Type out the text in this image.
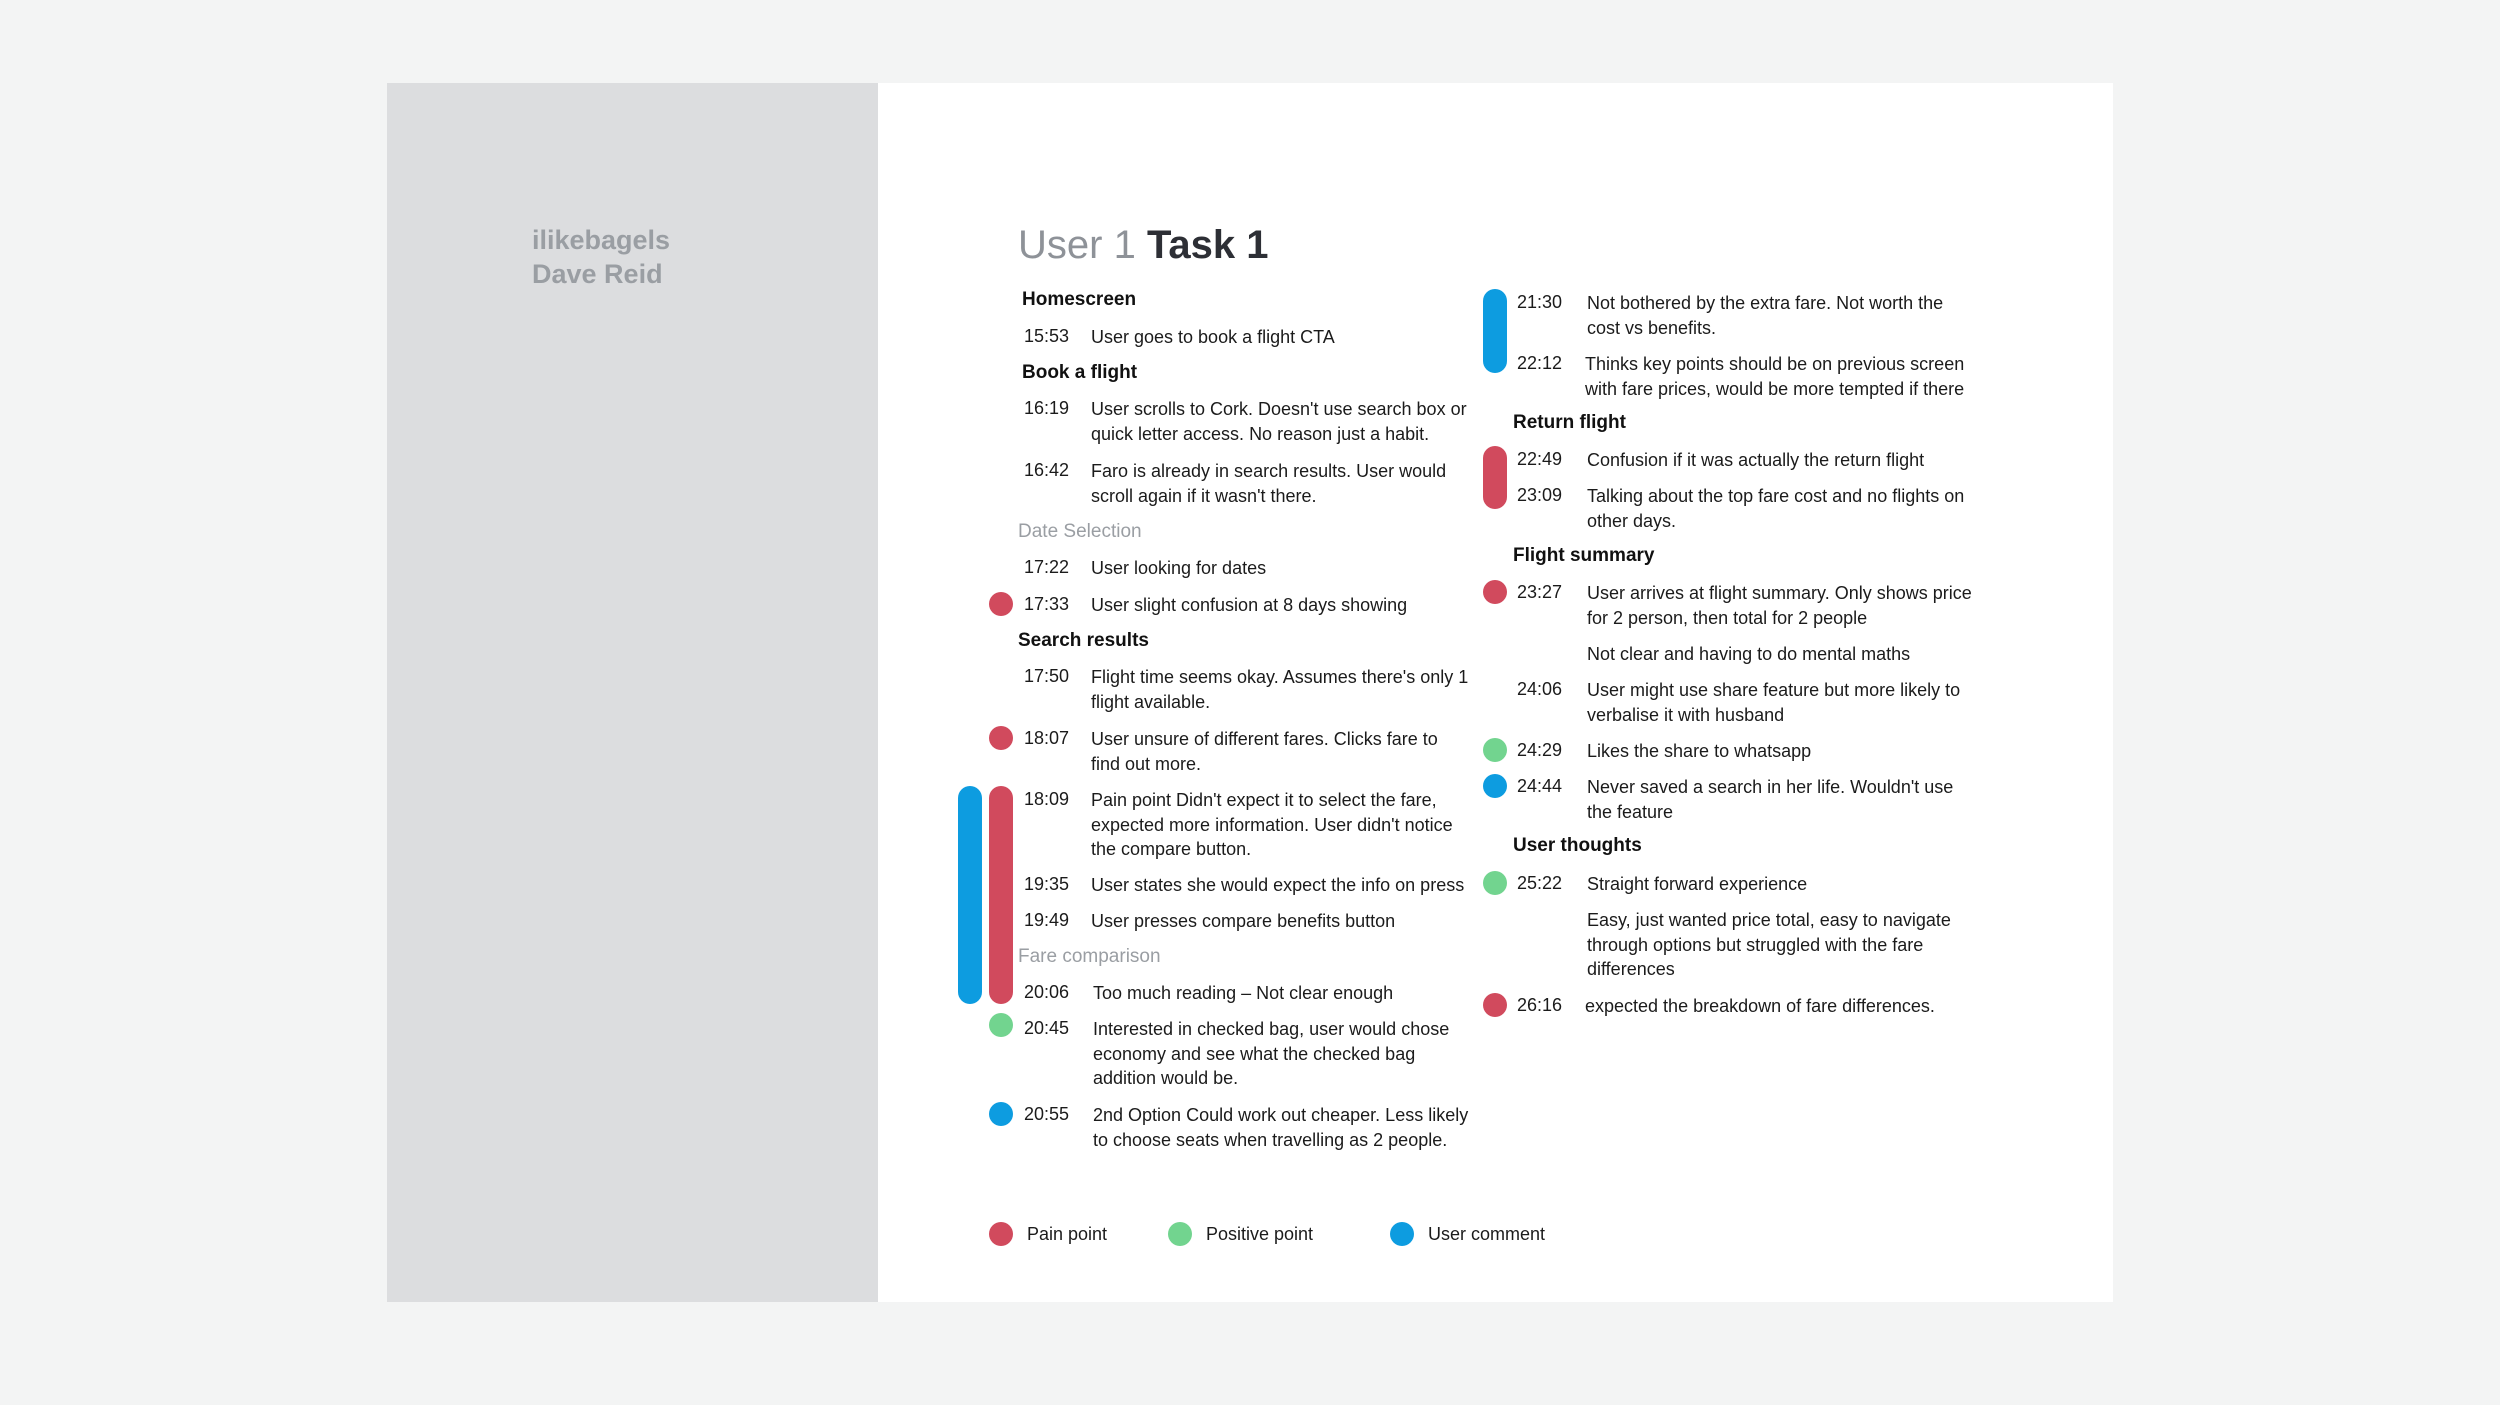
ilikebagels
Dave Reid
User 1 Task 1
Homescreen
15:53 User goes to book a flight CTA
Book a flight
16:19 User scrolls to Cork. Doesn't use search box or quick letter access. No reason just a habit.
16:42 Faro is already in search results. User would scroll again if it wasn't there.
Date Selection
17:22 User looking for dates
17:33 User slight confusion at 8 days showing
Search results
17:50 Flight time seems okay. Assumes there's only 1 flight available.
18:07 User unsure of different fares. Clicks fare to find out more.
18:09 Pain point Didn't expect it to select the fare, expected more information. User didn't notice the compare button.
19:35 User states she would expect the info on press
19:49 User presses compare benefits button
Fare comparison
20:06 Too much reading – Not clear enough
20:45 Interested in checked bag, user would chose economy and see what the checked bag addition would be.
20:55 2nd Option Could work out cheaper. Less likely to choose seats when travelling as 2 people.
21:30 Not bothered by the extra fare. Not worth the cost vs benefits.
22:12 Thinks key points should be on previous screen with fare prices, would be more tempted if there
Return flight
22:49 Confusion if it was actually the return flight
23:09 Talking about the top fare cost and no flights on other days.
Flight summary
23:27 User arrives at flight summary. Only shows price for 2 person, then total for 2 people
Not clear and having to do mental maths
24:06 User might use share feature but more likely to verbalise it with husband
24:29 Likes the share to whatsapp
24:44 Never saved a search in her life. Wouldn't use the feature
User thoughts
25:22 Straight forward experience
Easy, just wanted price total, easy to navigate through options but struggled with the fare differences
26:16 expected the breakdown of fare differences.
Pain point	Positive point	User comment
